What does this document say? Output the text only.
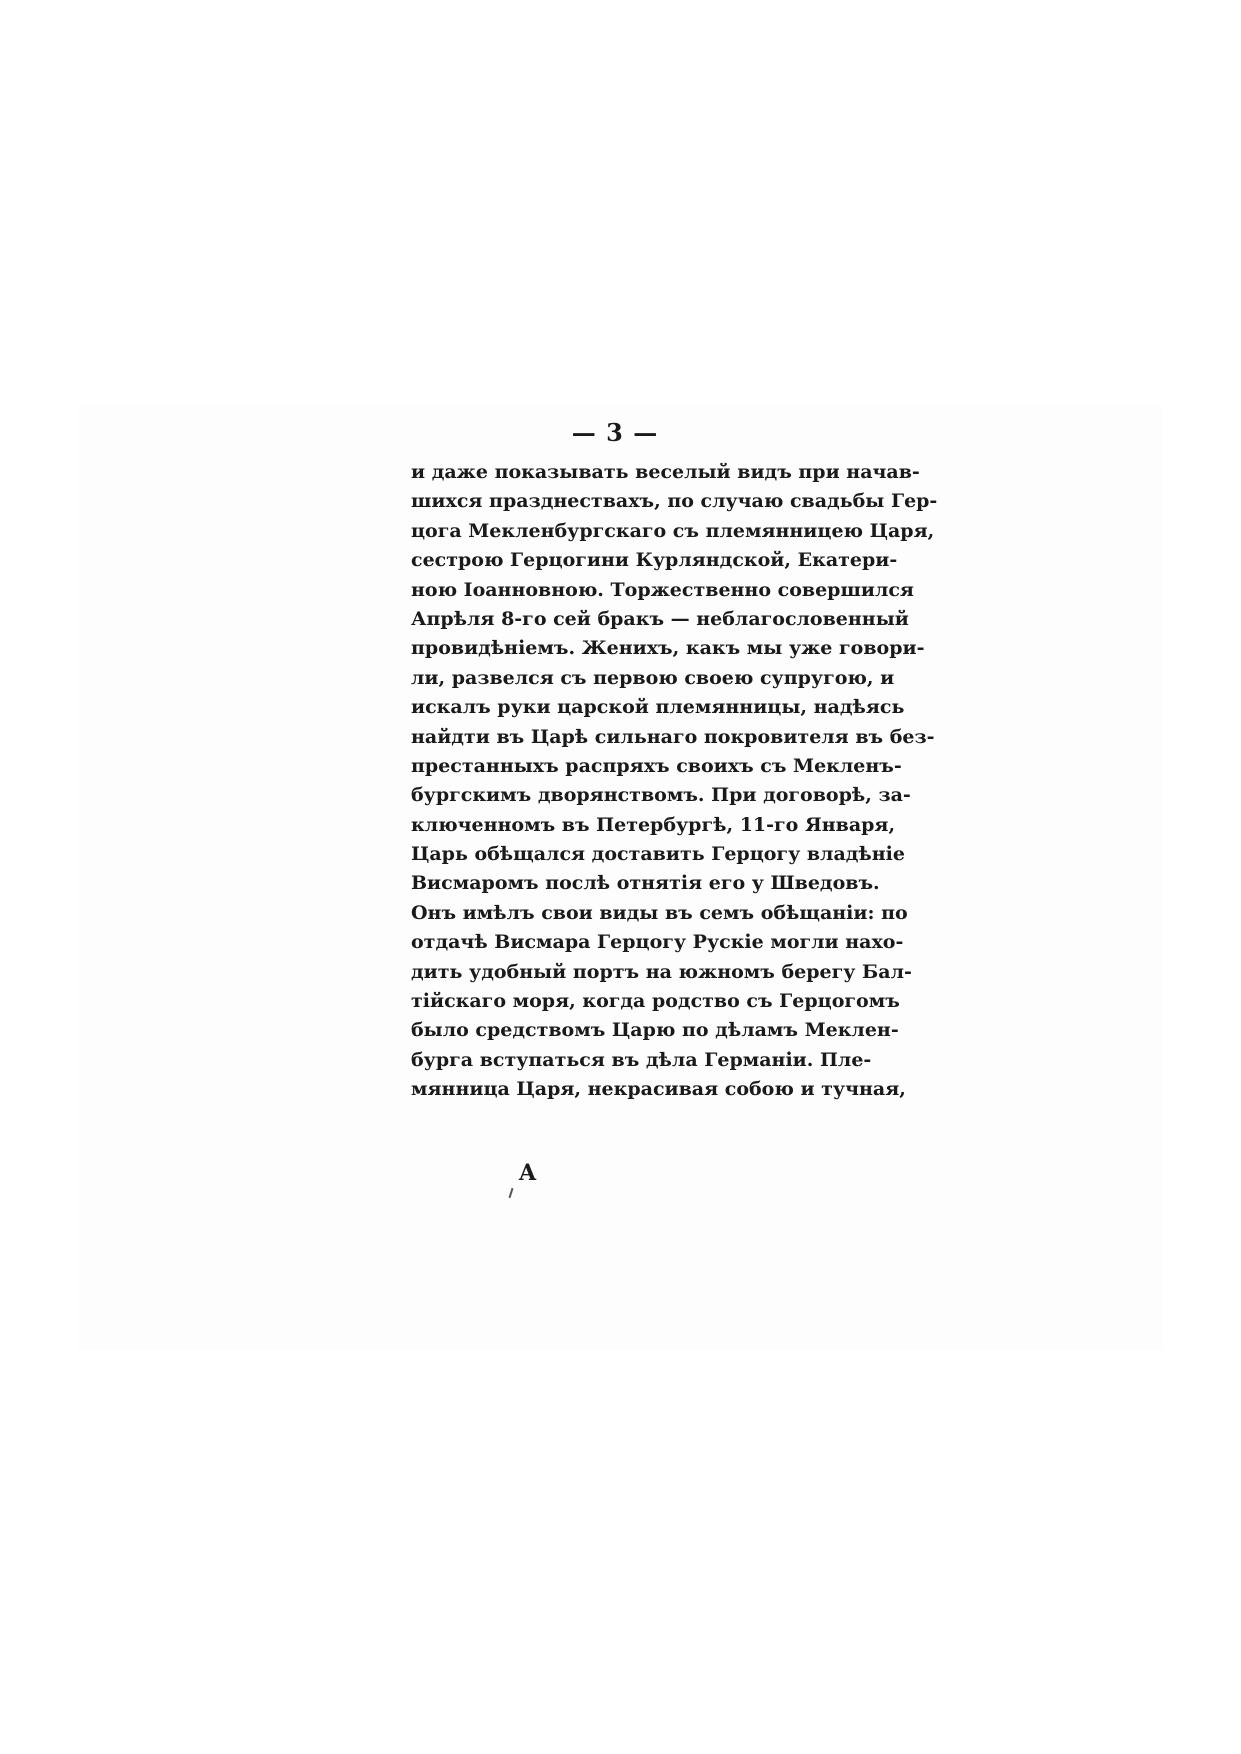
— 3 —
и даже показывать веселый видъ при начав-
шихся празднествахъ, по случаю свадьбы Гер-
цога Мекленбургскаго съ племянницею Царя,
сестрою Герцогини Курляндской, Екатери-
ною Іоанновною. Торжественно совершился
Апрѣля 8-го сей бракъ — неблагословенный
провидѣніемъ. Женихъ, какъ мы уже говори-
ли, развелся съ первою своею супругою, и
искалъ руки царской племянницы, надѣясь
найдти въ Царѣ сильнаго покровителя въ без-
престанныхъ распряхъ своихъ съ Мекленъ-
бургскимъ дворянствомъ. При договорѣ, за-
ключенномъ въ Петербургѣ, 11-го Января,
Царь обѣщался доставить Герцогу владѣніе
Висмаромъ послѣ отнятія его у Шведовъ.
Онъ имѣлъ свои виды въ семъ обѣщаніи: по
отдачѣ Висмара Герцогу Рускіе могли нахо-
дить удобный портъ на южномъ берегу Бал-
тійскаго моря, когда родство съ Герцогомъ
было средствомъ Царю по дѣламъ Меклен-
бурга вступаться въ дѣла Германіи. Пле-
мянница Царя, некрасивая собою и тучная,
A
